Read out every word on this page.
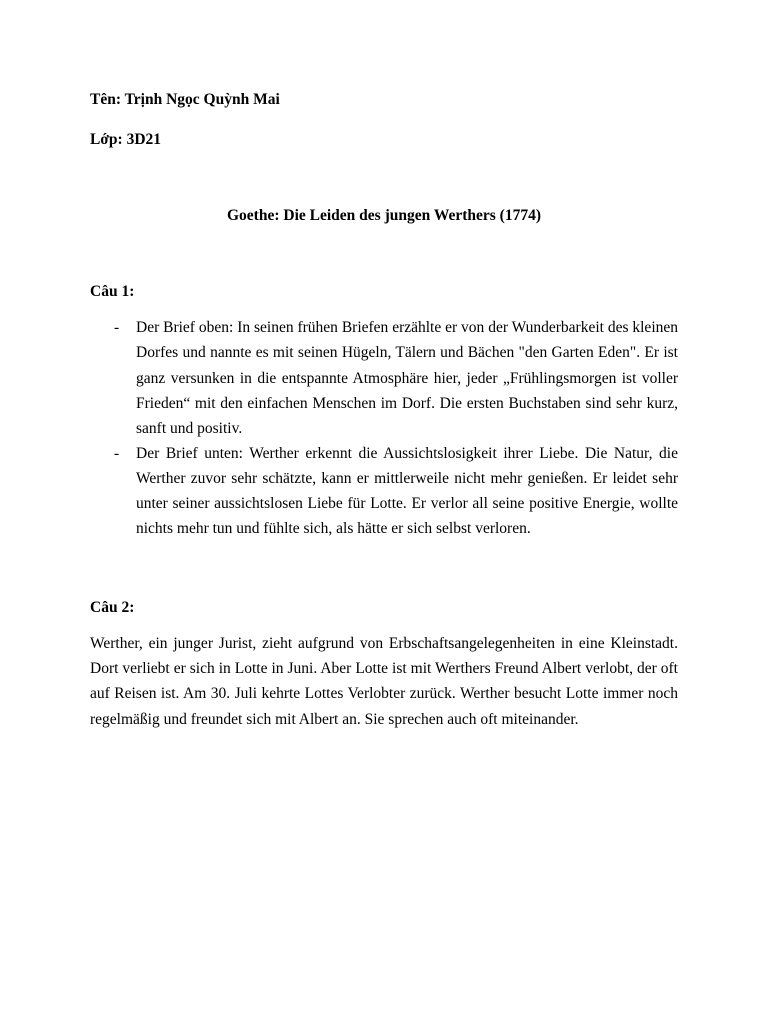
Tên: Trịnh Ngọc Quỳnh Mai
Lớp: 3D21
Goethe: Die Leiden des jungen Werthers (1774)
Câu 1:
- Der Brief oben: In seinen frühen Briefen erzählte er von der Wunderbarkeit des kleinen Dorfes und nannte es mit seinen Hügeln, Tälern und Bächen "den Garten Eden". Er ist ganz versunken in die entspannte Atmosphäre hier, jeder „Frühlingsmorgen ist voller Frieden“ mit den einfachen Menschen im Dorf. Die ersten Buchstaben sind sehr kurz, sanft und positiv.
- Der Brief unten: Werther erkennt die Aussichtslosigkeit ihrer Liebe. Die Natur, die Werther zuvor sehr schätzte, kann er mittlerweile nicht mehr genießen. Er leidet sehr unter seiner aussichtslosen Liebe für Lotte. Er verlor all seine positive Energie, wollte nichts mehr tun und fühlte sich, als hätte er sich selbst verloren.
Câu 2:

Werther, ein junger Jurist, zieht aufgrund von Erbschaftsangelegenheiten in eine Kleinstadt. Dort verliebt er sich in Lotte in Juni. Aber Lotte ist mit Werthers Freund Albert verlobt, der oft auf Reisen ist. Am 30. Juli kehrte Lottes Verlobter zurück. Werther besucht Lotte immer noch regelmäßig und freundet sich mit Albert an. Sie sprechen auch oft miteinander.
